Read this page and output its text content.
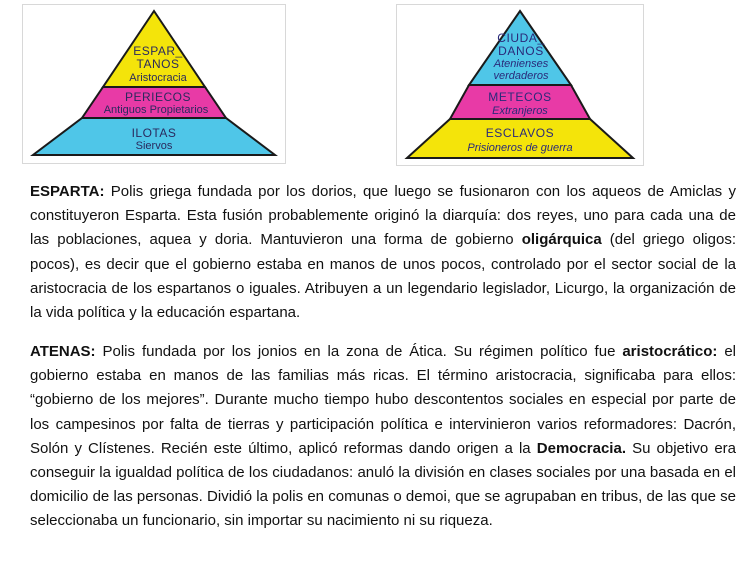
ESPAR_
TANOS
Aristocracia
PERIECOS
Antiguos Propietarios
ILOTAS
Siervos
CIUDA_
DANOS
Atenienses
verdaderos
METECOS
Extranjeros
ESCLAVOS
Prisioneros de guerra

ESPARTA: Polis griega fundada por los dorios, que luego se fusionaron con los aqueos de Amiclas y constituyeron Esparta. Esta fusión probablemente originó la diarquía: dos reyes, uno para cada una de las poblaciones, aquea y doria. Mantuvieron una forma de gobierno oligárquica (del griego oligos: pocos), es decir que el gobierno estaba en manos de unos pocos, controlado por el sector social de la aristocracia de los espartanos o iguales. Atribuyen a un legendario legislador, Licurgo, la organización de la vida política y la educación espartana.

ATENAS: Polis fundada por los jonios en la zona de Ática. Su régimen político fue aristocrático: el gobierno estaba en manos de las familias más ricas. El término aristocracia, significaba para ellos: “gobierno de los mejores”. Durante mucho tiempo hubo descontentos sociales en especial por parte de los campesinos por falta de tierras y participación política e intervinieron varios reformadores: Dacrón, Solón y Clístenes. Recién este último, aplicó reformas dando origen a la Democracia. Su objetivo era conseguir la igualdad política de los ciudadanos: anuló la división en clases sociales por una basada en el domicilio de las personas. Dividió la polis en comunas o demoi, que se agrupaban en tribus, de las que se seleccionaba un funcionario, sin importar su nacimiento ni su riqueza.
